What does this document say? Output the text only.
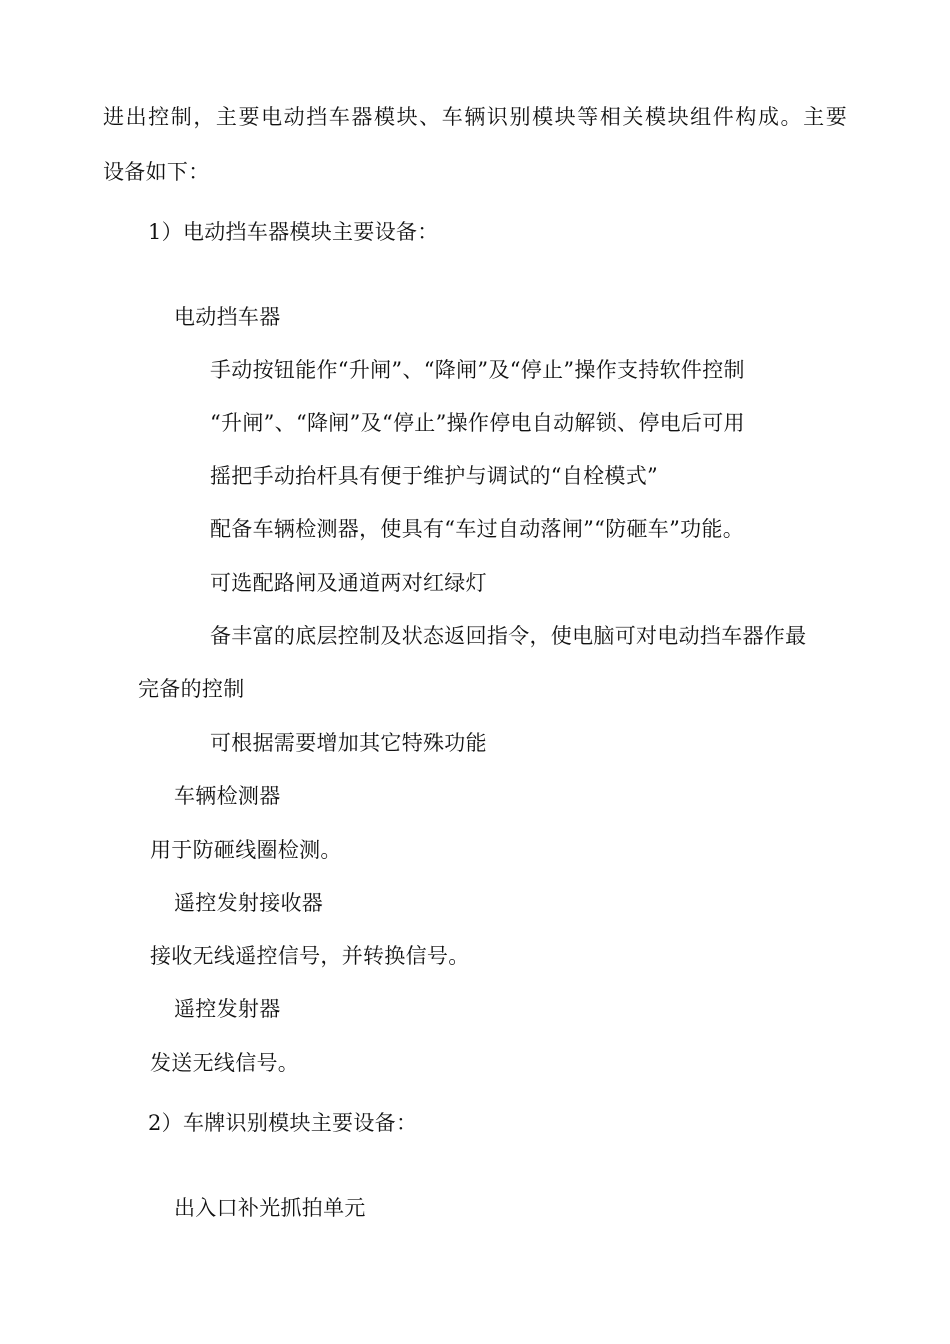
进出控制，主要电动挡车器模块、车辆识别模块等相关模块组件构成。主要
设备如下：
1）电动挡车器模块主要设备：
电动挡车器
手动按钮能作“升闸”、“降闸”及“停止”操作支持软件控制
“升闸”、“降闸”及“停止”操作停电自动解锁、停电后可用
摇把手动抬杆具有便于维护与调试的“自栓模式”
配备车辆检测器，使具有“车过自动落闸”“防砸车”功能。
可选配路闸及通道两对红绿灯
备丰富的底层控制及状态返回指令，使电脑可对电动挡车器作最
完备的控制
可根据需要增加其它特殊功能
车辆检测器
用于防砸线圈检测。
遥控发射接收器
接收无线遥控信号，并转换信号。
遥控发射器
发送无线信号。
2）车牌识别模块主要设备：
出入口补光抓拍单元
